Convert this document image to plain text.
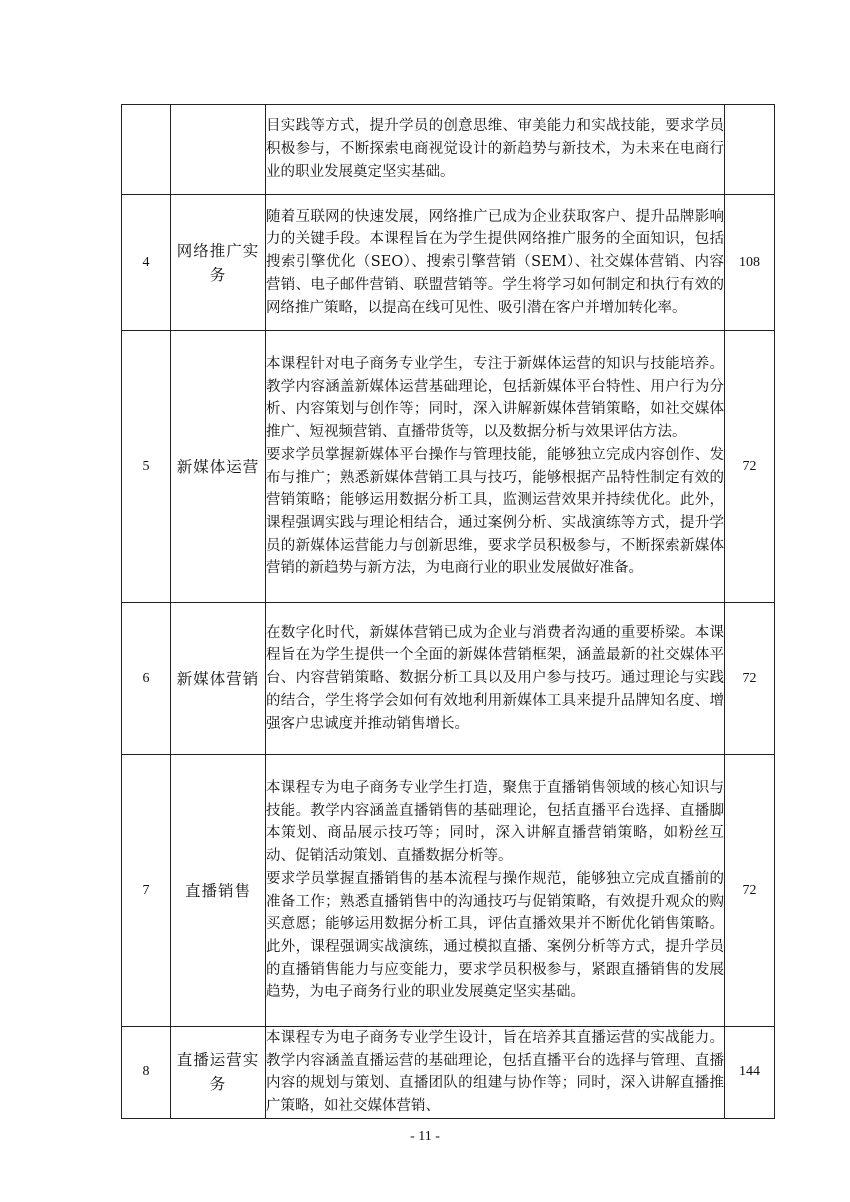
		目实践等方式，提升学员的创意思维、审美能力和实战技能，要求学员积极参与，不断探索电商视觉设计的新趋势与新技术，为未来在电商行业的职业发展奠定坚实基础。	

4	网络推广实务	随着互联网的快速发展，网络推广已成为企业获取客户、提升品牌影响力的关键手段。本课程旨在为学生提供网络推广服务的全面知识，包括搜索引擎优化（SEO）、搜索引擎营销（SEM）、社交媒体营销、内容营销、电子邮件营销、联盟营销等。学生将学习如何制定和执行有效的网络推广策略，以提高在线可见性、吸引潜在客户并增加转化率。	108
5	新媒体运营	本课程针对电子商务专业学生，专注于新媒体运营的知识与技能培养。教学内容涵盖新媒体运营基础理论，包括新媒体平台特性、用户行为分析、内容策划与创作等；同时，深入讲解新媒体营销策略，如社交媒体推广、短视频营销、直播带货等，以及数据分析与效果评估方法。

要求学员掌握新媒体平台操作与管理技能，能够独立完成内容创作、发布与推广；熟悉新媒体营销工具与技巧，能够根据产品特性制定有效的营销策略；能够运用数据分析工具，监测运营效果并持续优化。此外，课程强调实践与理论相结合，通过案例分析、实战演练等方式，提升学员的新媒体运营能力与创新思维，要求学员积极参与，不断探索新媒体营销的新趋势与新方法，为电商行业的职业发展做好准备。	72
6	新媒体营销	在数字化时代，新媒体营销已成为企业与消费者沟通的重要桥梁。本课程旨在为学生提供一个全面的新媒体营销框架，涵盖最新的社交媒体平台、内容营销策略、数据分析工具以及用户参与技巧。通过理论与实践的结合，学生将学会如何有效地利用新媒体工具来提升品牌知名度、增强客户忠诚度并推动销售增长。	72
7	直播销售	本课程专为电子商务专业学生打造，聚焦于直播销售领域的核心知识与技能。教学内容涵盖直播销售的基础理论，包括直播平台选择、直播脚本策划、商品展示技巧等；同时，深入讲解直播营销策略，如粉丝互动、促销活动策划、直播数据分析等。

要求学员掌握直播销售的基本流程与操作规范，能够独立完成直播前的准备工作；熟悉直播销售中的沟通技巧与促销策略，有效提升观众的购买意愿；能够运用数据分析工具，评估直播效果并不断优化销售策略。此外，课程强调实战演练，通过模拟直播、案例分析等方式，提升学员的直播销售能力与应变能力，要求学员积极参与，紧跟直播销售的发展趋势，为电子商务行业的职业发展奠定坚实基础。	72
8	直播运营实务	本课程专为电子商务专业学生设计，旨在培养其直播运营的实战能力。教学内容涵盖直播运营的基础理论，包括直播平台的选择与管理、直播内容的规划与策划、直播团队的组建与协作等；同时，深入讲解直播推广策略，如社交媒体营销、	144
- 11 -
